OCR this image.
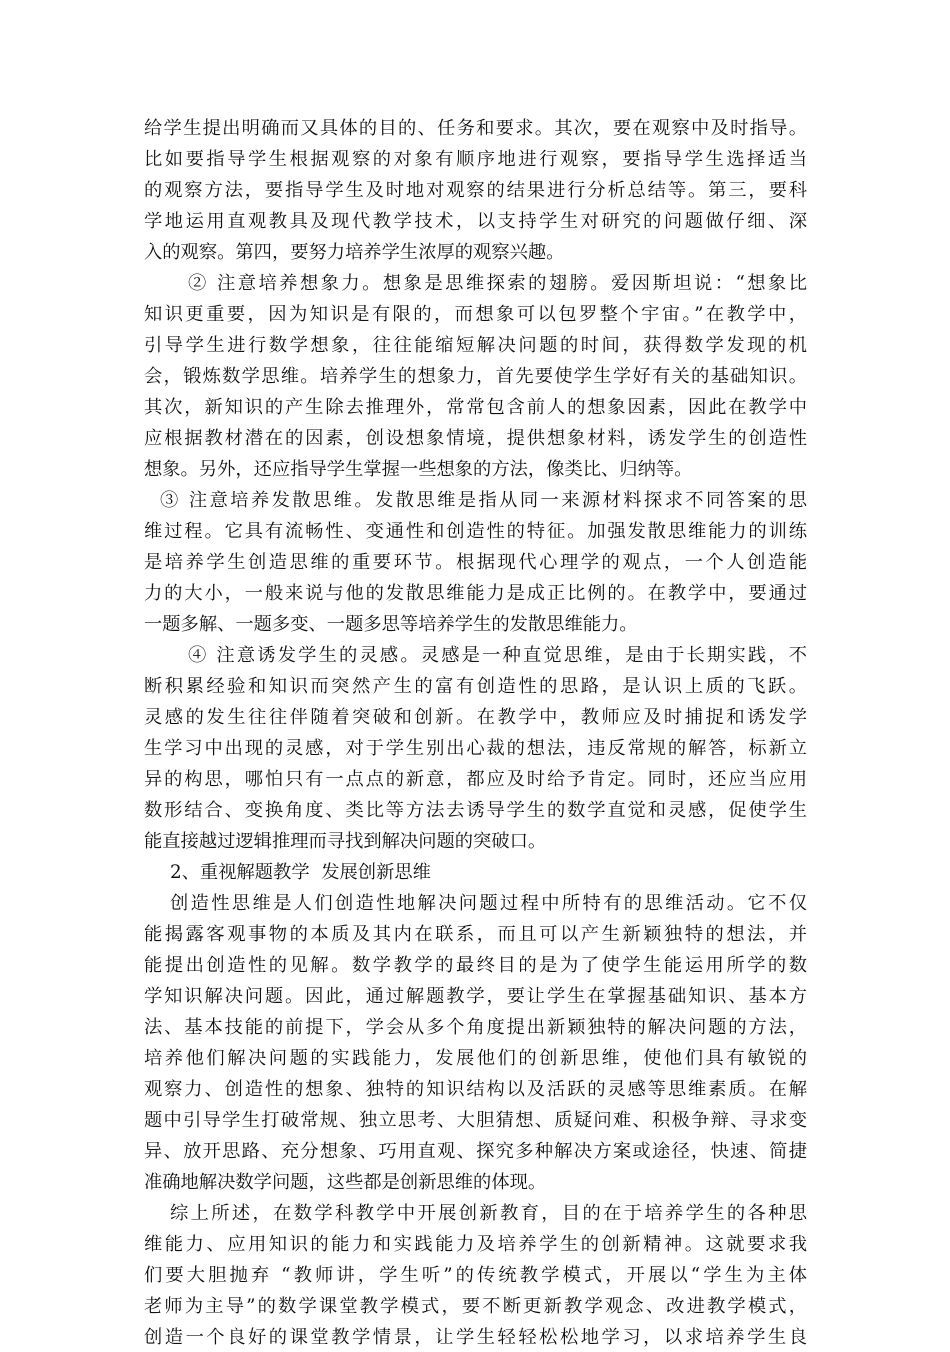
给学生提出明确而又具体的目的、任务和要求。其次，要在观察中及时指导。

比如要指导学生根据观察的对象有顺序地进行观察，要指导学生选择适当

的观察方法，要指导学生及时地对观察的结果进行分析总结等。第三，要科

学地运用直观教具及现代教学技术，以支持学生对研究的问题做仔细、深

入的观察。第四，要努力培养学生浓厚的观察兴趣。

② 注意培养想象力。想象是思维探索的翅膀。爱因斯坦说：“想象比

知识更重要，因为知识是有限的，而想象可以包罗整个宇宙。”在教学中，

引导学生进行数学想象，往往能缩短解决问题的时间，获得数学发现的机

会，锻炼数学思维。培养学生的想象力，首先要使学生学好有关的基础知识。

其次，新知识的产生除去推理外，常常包含前人的想象因素，因此在教学中

应根据教材潜在的因素，创设想象情境，提供想象材料，诱发学生的创造性

想象。另外，还应指导学生掌握一些想象的方法，像类比、归纳等。

③ 注意培养发散思维。发散思维是指从同一来源材料探求不同答案的思

维过程。它具有流畅性、变通性和创造性的特征。加强发散思维能力的训练

是培养学生创造思维的重要环节。根据现代心理学的观点，一个人创造能

力的大小，一般来说与他的发散思维能力是成正比例的。在教学中，要通过

一题多解、一题多变、一题多思等培养学生的发散思维能力。

④ 注意诱发学生的灵感。灵感是一种直觉思维，是由于长期实践，不

断积累经验和知识而突然产生的富有创造性的思路，是认识上质的飞跃。

灵感的发生往往伴随着突破和创新。在教学中，教师应及时捕捉和诱发学

生学习中出现的灵感，对于学生别出心裁的想法，违反常规的解答，标新立

异的构思，哪怕只有一点点的新意，都应及时给予肯定。同时，还应当应用

数形结合、变换角度、类比等方法去诱导学生的数学直觉和灵感，促使学生

能直接越过逻辑推理而寻找到解决问题的突破口。

2、重视解题教学  发展创新思维

创造性思维是人们创造性地解决问题过程中所特有的思维活动。它不仅

能揭露客观事物的本质及其内在联系，而且可以产生新颖独特的想法，并

能提出创造性的见解。数学教学的最终目的是为了使学生能运用所学的数

学知识解决问题。因此，通过解题教学，要让学生在掌握基础知识、基本方

法、基本技能的前提下，学会从多个角度提出新颖独特的解决问题的方法，

培养他们解决问题的实践能力，发展他们的创新思维，使他们具有敏锐的

观察力、创造性的想象、独特的知识结构以及活跃的灵感等思维素质。在解

题中引导学生打破常规、独立思考、大胆猜想、质疑问难、积极争辩、寻求变

异、放开思路、充分想象、巧用直观、探究多种解决方案或途径，快速、简捷

准确地解决数学问题，这些都是创新思维的体现。

综上所述，在数学科教学中开展创新教育，目的在于培养学生的各种思

维能力、应用知识的能力和实践能力及培养学生的创新精神。这就要求我

们要大胆抛弃 “教师讲，学生听”的传统教学模式，开展以“学生为主体

老师为主导”的数学课堂教学模式，要不断更新教学观念、改进教学模式，

创造一个良好的课堂教学情景，让学生轻轻松松地学习，以求培养学生良
